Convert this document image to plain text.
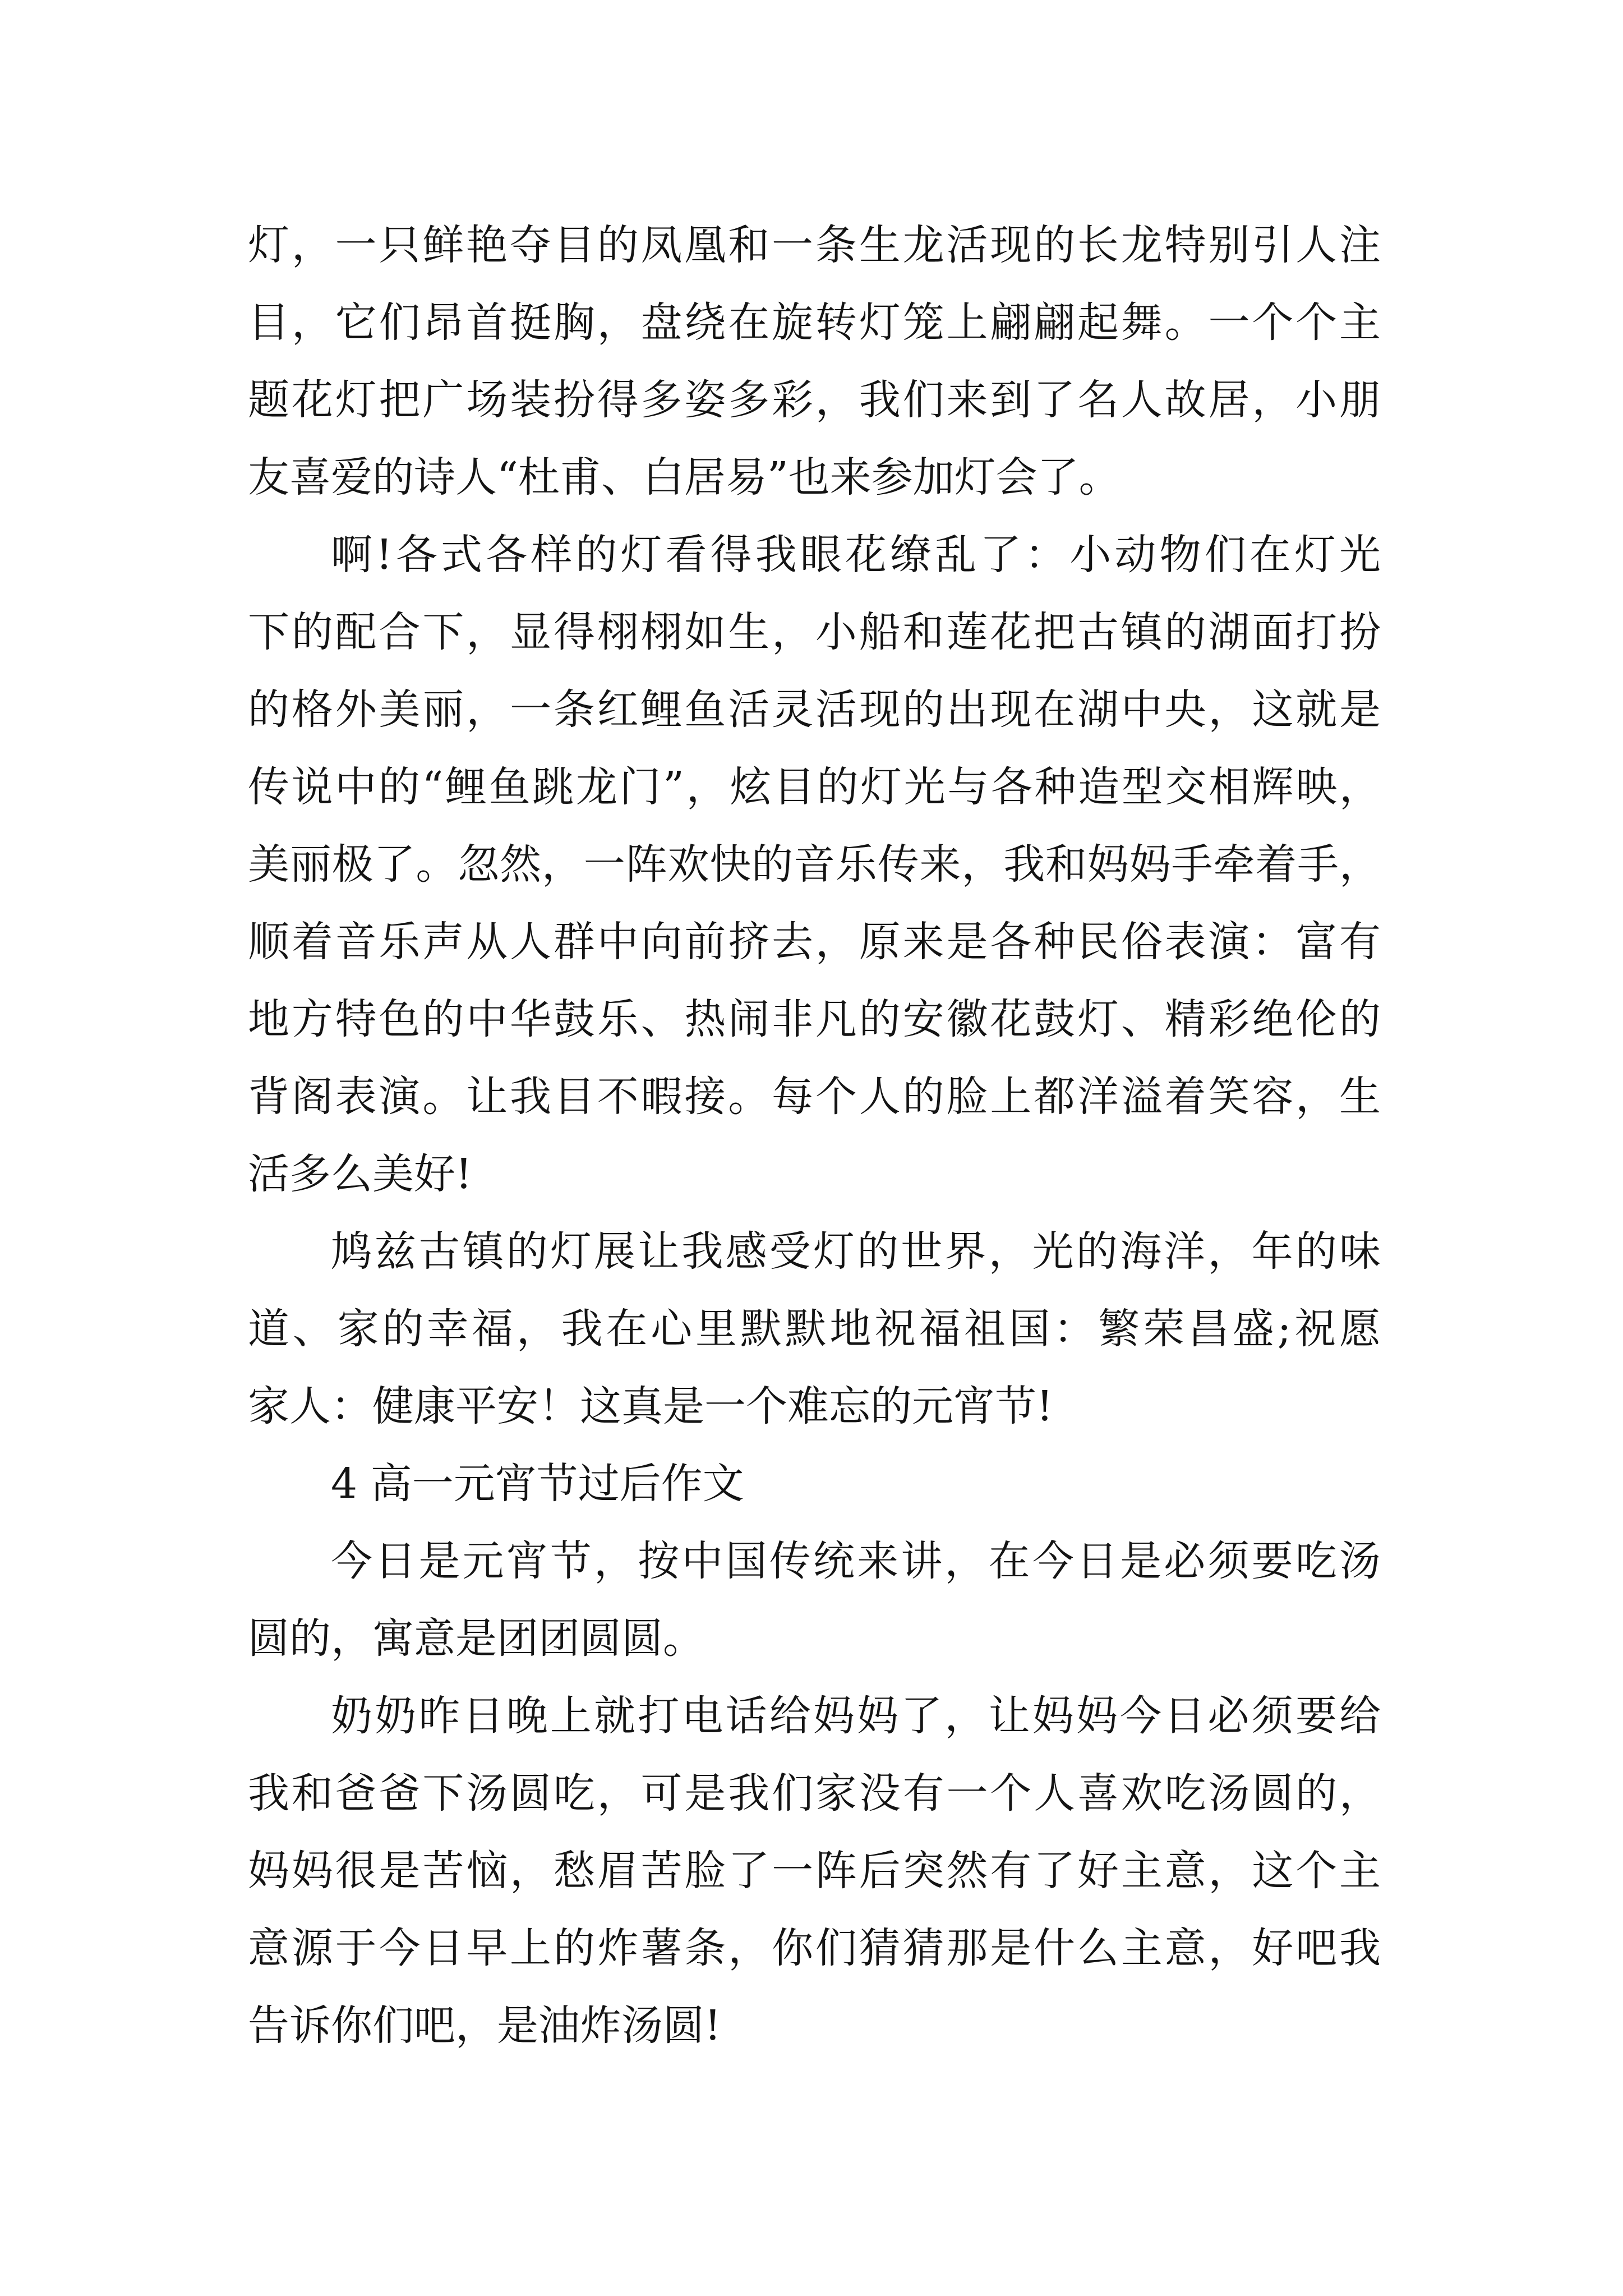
灯，一只鲜艳夺目的凤凰和一条生龙活现的长龙特别引人注
目，它们昂首挺胸，盘绕在旋转灯笼上翩翩起舞。一个个主
题花灯把广场装扮得多姿多彩，我们来到了名人故居，小朋
友喜爱的诗人“杜甫、白居易”也来参加灯会了。
啊!各式各样的灯看得我眼花缭乱了：小动物们在灯光
下的配合下，显得栩栩如生，小船和莲花把古镇的湖面打扮
的格外美丽，一条红鲤鱼活灵活现的出现在湖中央，这就是
传说中的“鲤鱼跳龙门”，炫目的灯光与各种造型交相辉映，
美丽极了。忽然，一阵欢快的音乐传来，我和妈妈手牵着手，
顺着音乐声从人群中向前挤去，原来是各种民俗表演：富有
地方特色的中华鼓乐、热闹非凡的安徽花鼓灯、精彩绝伦的
背阁表演。让我目不暇接。每个人的脸上都洋溢着笑容，生
活多么美好!
鸠兹古镇的灯展让我感受灯的世界，光的海洋，年的味
道、家的幸福，我在心里默默地祝福祖国：繁荣昌盛;祝愿
家人：健康平安！这真是一个难忘的元宵节!
4 高一元宵节过后作文
今日是元宵节，按中国传统来讲，在今日是必须要吃汤
圆的，寓意是团团圆圆。
奶奶昨日晚上就打电话给妈妈了，让妈妈今日必须要给
我和爸爸下汤圆吃，可是我们家没有一个人喜欢吃汤圆的，
妈妈很是苦恼，愁眉苦脸了一阵后突然有了好主意，这个主
意源于今日早上的炸薯条，你们猜猜那是什么主意，好吧我
告诉你们吧，是油炸汤圆!
